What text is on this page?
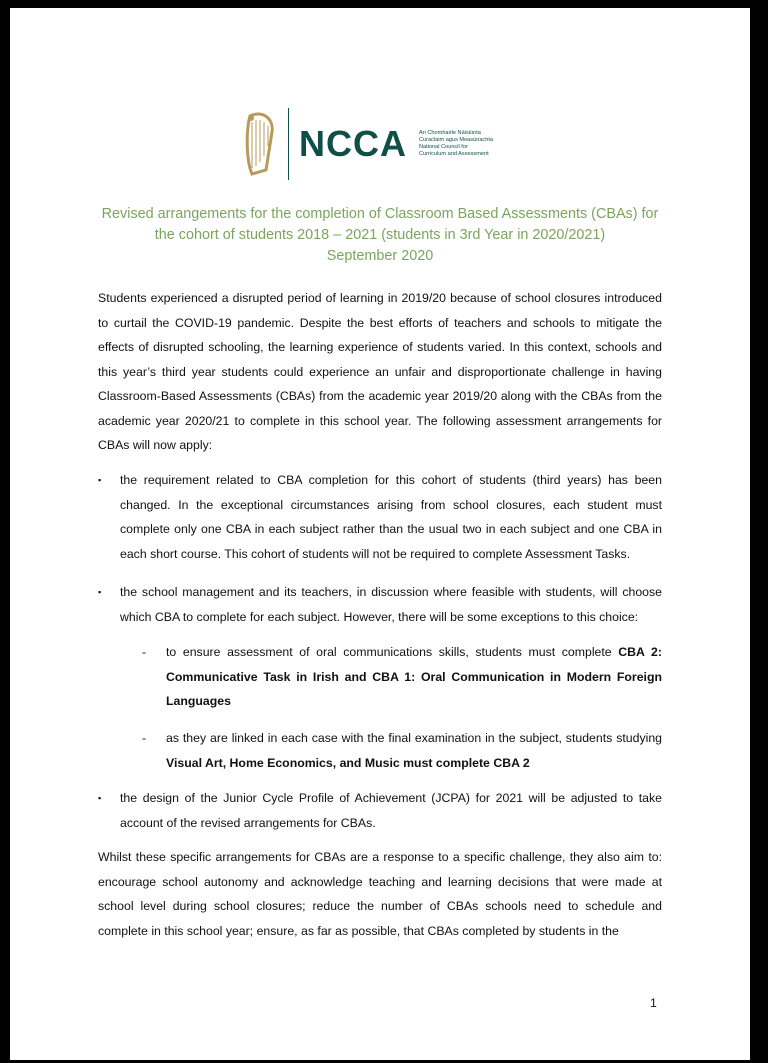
NCCA An Chomhairle Náisiúnta
Curaclaim agus Measúnachta
National Council for
Curriculum and Assessment
Revised arrangements for the completion of Classroom Based Assessments (CBAs) for
the cohort of students 2018 – 2021 (students in 3rd Year in 2020/2021)
September 2020
Students experienced a disrupted period of learning in 2019/20 because of school closures introduced to curtail the COVID-19 pandemic. Despite the best efforts of teachers and schools to mitigate the effects of disrupted schooling, the learning experience of students varied. In this context, schools and this year’s third year students could experience an unfair and disproportionate challenge in having Classroom-Based Assessments (CBAs) from the academic year 2019/20 along with the CBAs from the academic year 2020/21 to complete in this school year. The following assessment arrangements for CBAs will now apply:
▪	the requirement related to CBA completion for this cohort of students (third years) has been changed. In the exceptional circumstances arising from school closures, each student must complete only one CBA in each subject rather than the usual two in each subject and one CBA in each short course. This cohort of students will not be required to complete Assessment Tasks.
▪	the school management and its teachers, in discussion where feasible with students, will choose which CBA to complete for each subject. However, there will be some exceptions to this choice:
- to ensure assessment of oral communications skills, students must complete CBA 2: Communicative Task in Irish and CBA 1: Oral Communication in Modern Foreign Languages
- as they are linked in each case with the final examination in the subject, students studying Visual Art, Home Economics, and Music must complete CBA 2
▪	the design of the Junior Cycle Profile of Achievement (JCPA) for 2021 will be adjusted to take account of the revised arrangements for CBAs.
Whilst these specific arrangements for CBAs are a response to a specific challenge, they also aim to: encourage school autonomy and acknowledge teaching and learning decisions that were made at school level during school closures; reduce the number of CBAs schools need to schedule and complete in this school year; ensure, as far as possible, that CBAs completed by students in the
1
